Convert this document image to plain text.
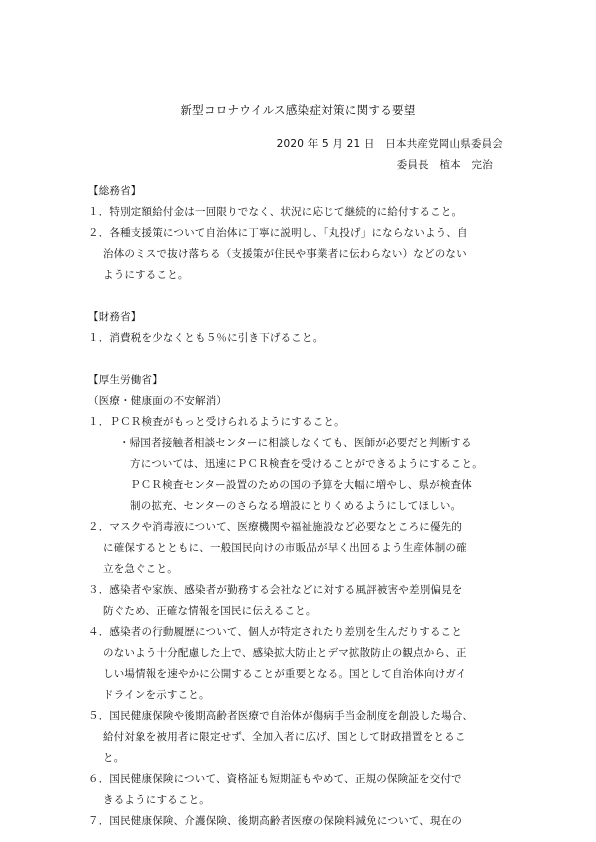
新型コロナウイルス感染症対策に関する要望
2020 年 5 月 21 日　日本共産党岡山県委員会
委員長　植本　完治
【総務省】
１．特別定額給付金は一回限りでなく、状況に応じて継続的に給付すること。
２．各種支援策について自治体に丁寧に説明し、「丸投げ」にならないよう、自
治体のミスで抜け落ちる（支援策が住民や事業者に伝わらない）などのない
ようにすること。
【財務省】
１．消費税を少なくとも５％に引き下げること。
【厚生労働省】
（医療・健康面の不安解消）
１．ＰＣＲ検査がもっと受けられるようにすること。
・帰国者接触者相談センターに相談しなくても、医師が必要だと判断する
方については、迅速にＰＣＲ検査を受けることができるようにすること。
ＰＣＲ検査センター設置のための国の予算を大幅に増やし、県が検査体
制の拡充、センターのさらなる増設にとりくめるようにしてほしい。
２．マスクや消毒液について、医療機関や福祉施設など必要なところに優先的
に確保するとともに、一般国民向けの市販品が早く出回るよう生産体制の確
立を急ぐこと。
３．感染者や家族、感染者が勤務する会社などに対する風評被害や差別偏見を
防ぐため、正確な情報を国民に伝えること。
４．感染者の行動履歴について、個人が特定されたり差別を生んだりすること
のないよう十分配慮した上で、感染拡大防止とデマ拡散防止の観点から、正
しい場情報を速やかに公開することが重要となる。国として自治体向けガイ
ドラインを示すこと。
５．国民健康保険や後期高齢者医療で自治体が傷病手当金制度を創設した場合、
給付対象を被用者に限定せず、全加入者に広げ、国として財政措置をとるこ
と。
６．国民健康保険について、資格証も短期証もやめて、正規の保険証を交付で
きるようにすること。
７．国民健康保険、介護保険、後期高齢者医療の保険料減免について、現在の
